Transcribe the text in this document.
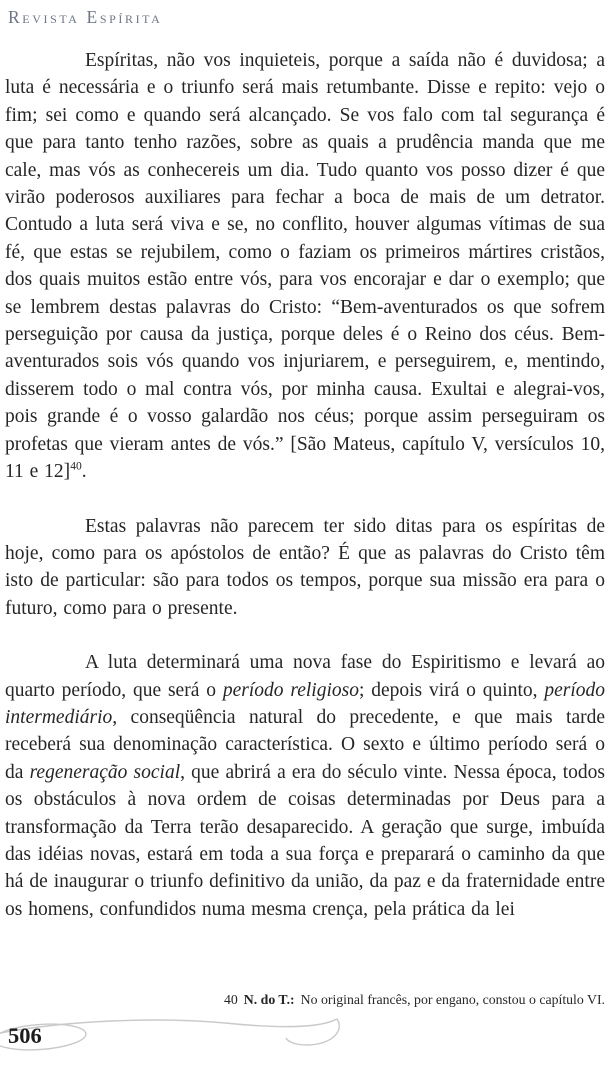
Revista Espírita

Espíritas, não vos inquieteis, porque a saída não é duvidosa; a luta é necessária e o triunfo será mais retumbante. Disse e repito: vejo o fim; sei como e quando será alcançado. Se vos falo com tal segurança é que para tanto tenho razões, sobre as quais a prudência manda que me cale, mas vós as conhecereis um dia. Tudo quanto vos posso dizer é que virão poderosos auxiliares para fechar a boca de mais de um detrator. Contudo a luta será viva e se, no conflito, houver algumas vítimas de sua fé, que estas se rejubilem, como o faziam os primeiros mártires cristãos, dos quais muitos estão entre vós, para vos encorajar e dar o exemplo; que se lembrem destas palavras do Cristo: “Bem-aventurados os que sofrem perseguição por causa da justiça, porque deles é o Reino dos céus. Bem-aventurados sois vós quando vos injuriarem, e perseguirem, e, mentindo, disserem todo o mal contra vós, por minha causa. Exultai e alegrai-vos, pois grande é o vosso galardão nos céus; porque assim perseguiram os profetas que vieram antes de vós.” [São Mateus, capítulo V, versículos 10, 11 e 12]$^{40}$.

Estas palavras não parecem ter sido ditas para os espíritas de hoje, como para os apóstolos de então? É que as palavras do Cristo têm isto de particular: são para todos os tempos, porque sua missão era para o futuro, como para o presente.

A luta determinará uma nova fase do Espiritismo e levará ao quarto período, que será o período religioso; depois virá o quinto, período intermediário, conseqüência natural do precedente, e que mais tarde receberá sua denominação característica. O sexto e último período será o da regeneração social, que abrirá a era do século vinte. Nessa época, todos os obstáculos à nova ordem de coisas determinadas por Deus para a transformação da Terra terão desaparecido. A geração que surge, imbuída das idéias novas, estará em toda a sua força e preparará o caminho da que há de inaugurar o triunfo definitivo da união, da paz e da fraternidade entre os homens, confundidos numa mesma crença, pela prática da lei

40 N. do T.: No original francês, por engano, constou o capítulo VI.
506
